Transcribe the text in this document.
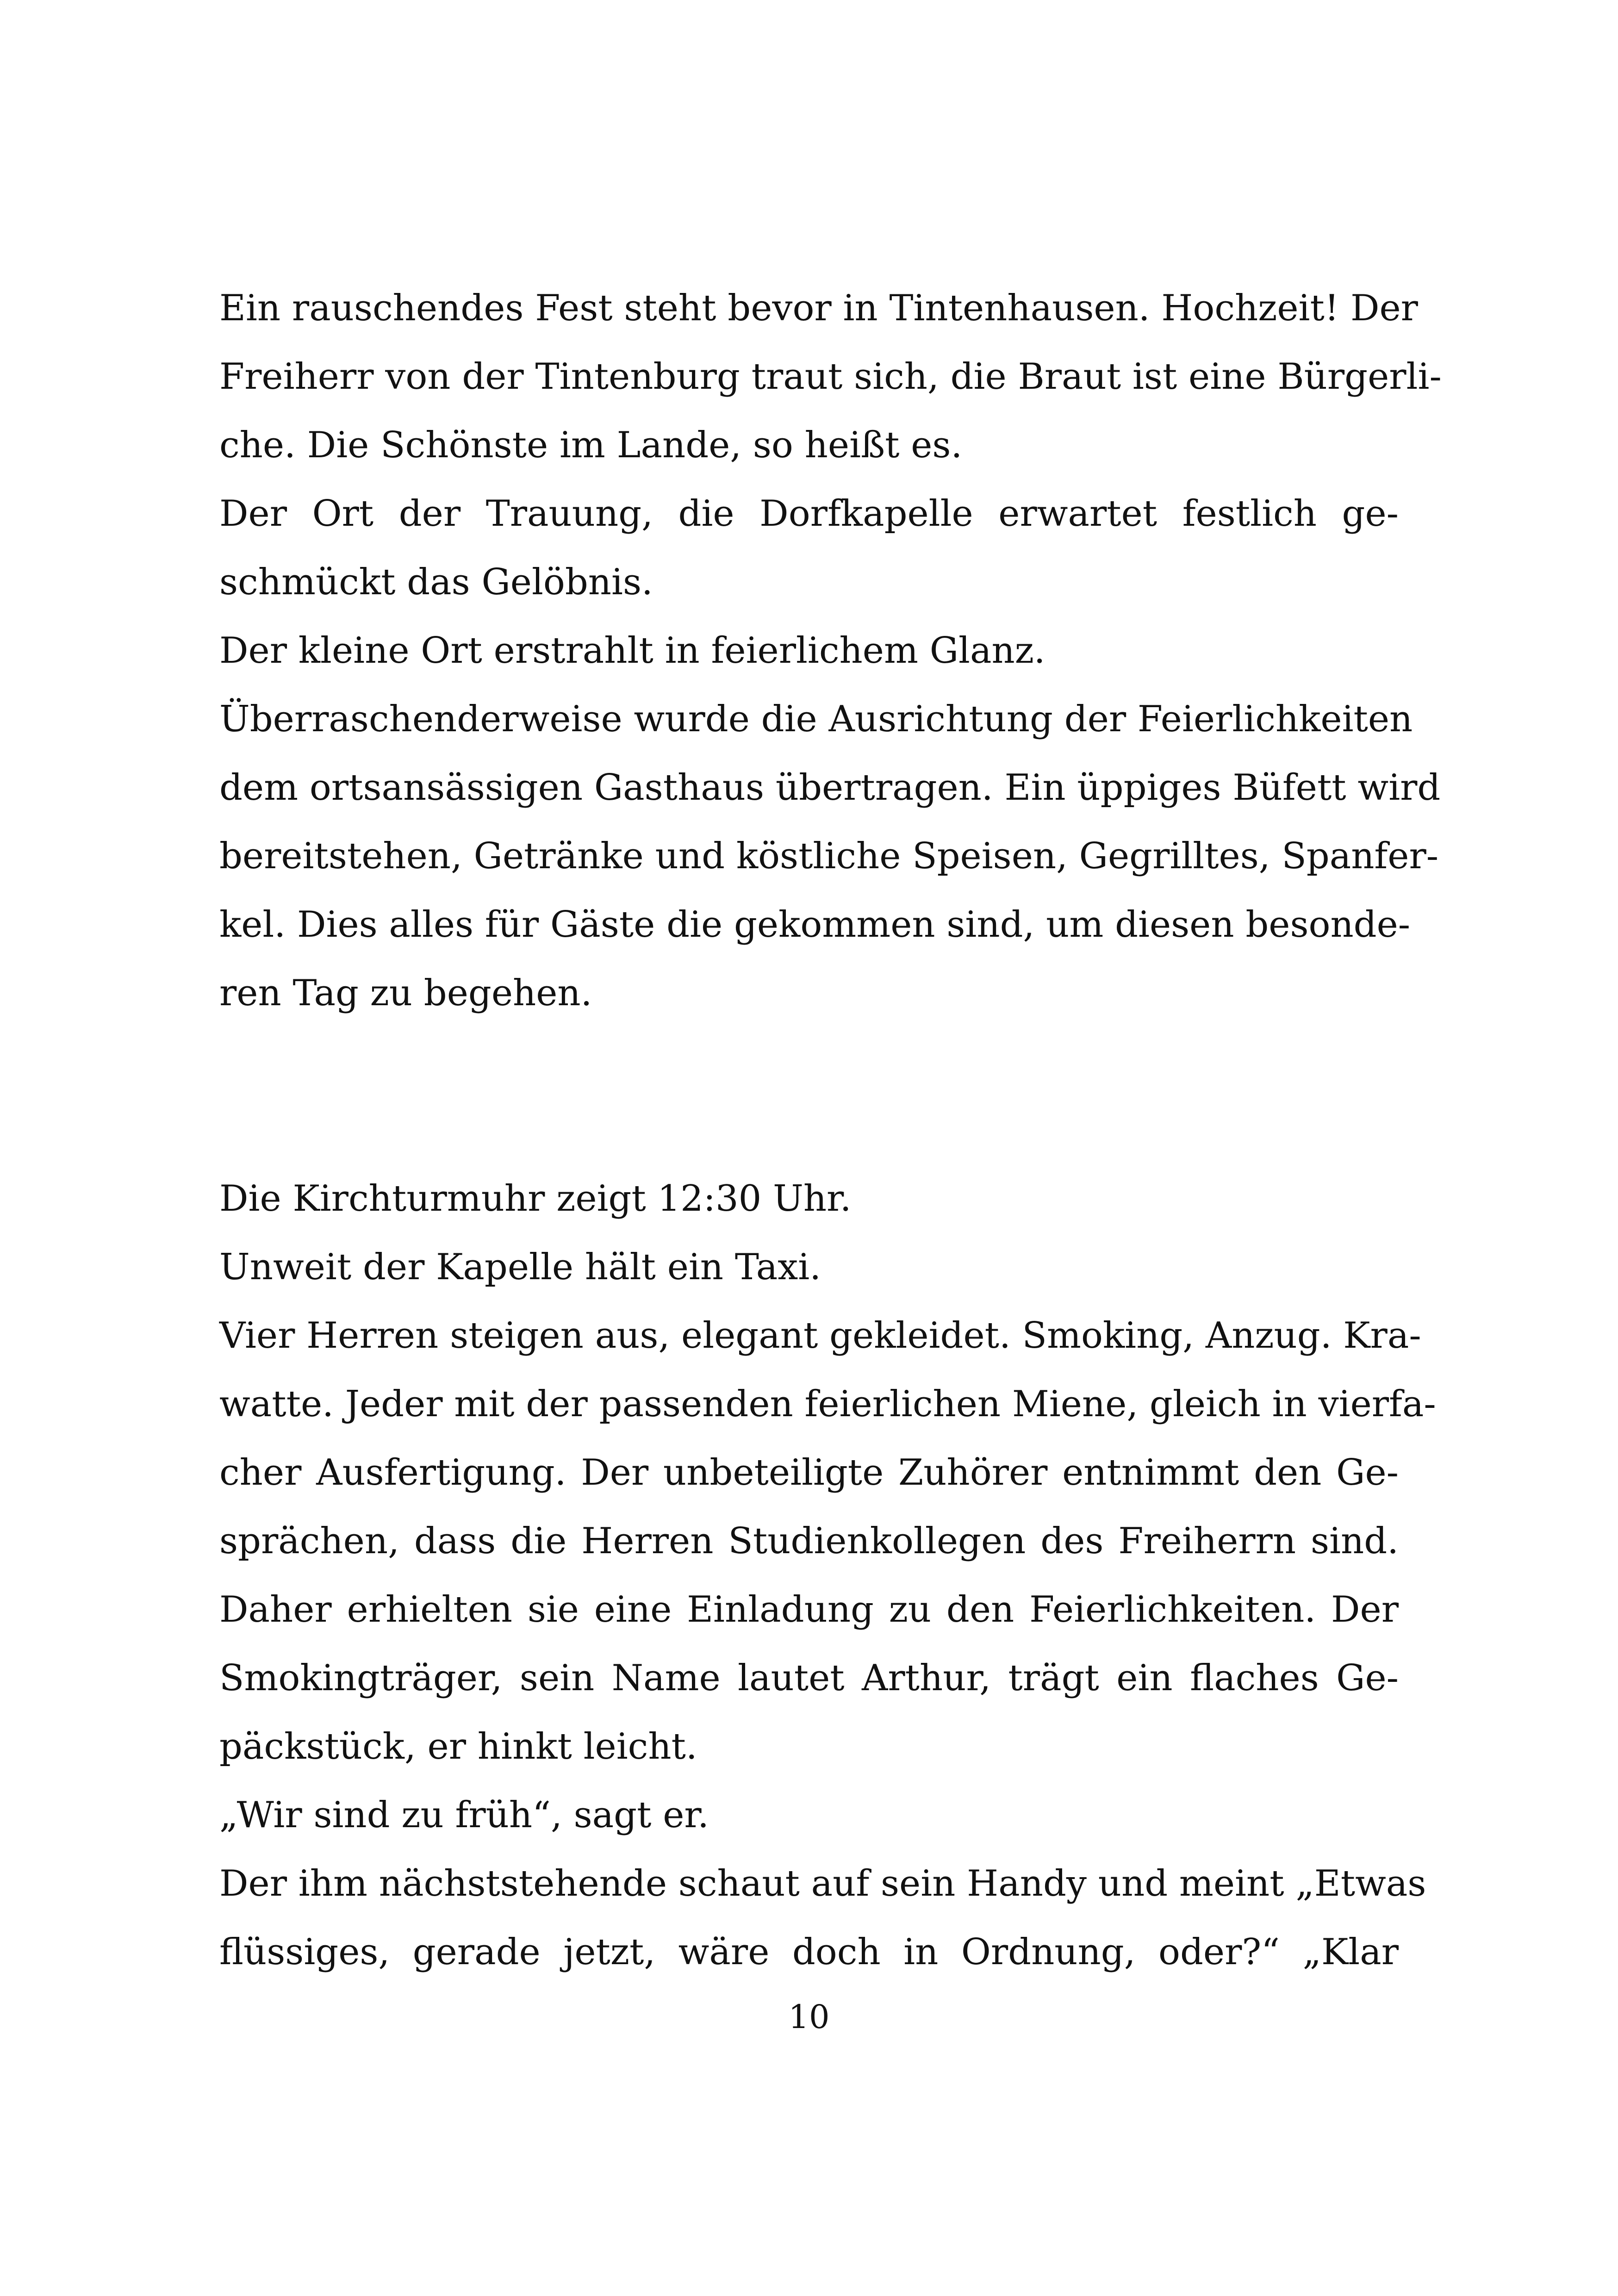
Ein rauschendes Fest steht bevor in Tintenhausen. Hochzeit! Der
Freiherr von der Tintenburg traut sich, die Braut ist eine Bürgerli-
che. Die Schönste im Lande, so heißt es.
Der Ort der Trauung, die Dorfkapelle erwartet festlich ge-
schmückt das Gelöbnis.
Der kleine Ort erstrahlt in feierlichem Glanz.
Überraschenderweise wurde die Ausrichtung der Feierlichkeiten
dem ortsansässigen Gasthaus übertragen. Ein üppiges Büfett wird
bereitstehen, Getränke und köstliche Speisen, Gegrilltes, Spanfer-
kel. Dies alles für Gäste die gekommen sind, um diesen besonde-
ren Tag zu begehen.
Die Kirchturmuhr zeigt 12:30 Uhr.
Unweit der Kapelle hält ein Taxi.
Vier Herren steigen aus, elegant gekleidet. Smoking, Anzug. Kra-
watte. Jeder mit der passenden feierlichen Miene, gleich in vierfa-
cher Ausfertigung. Der unbeteiligte Zuhörer entnimmt den Ge-
sprächen, dass die Herren Studienkollegen des Freiherrn sind.
Daher erhielten sie eine Einladung zu den Feierlichkeiten. Der
Smokingträger, sein Name lautet Arthur, trägt ein flaches Ge-
päckstück, er hinkt leicht.
„Wir sind zu früh“, sagt er.
Der ihm nächststehende schaut auf sein Handy und meint „Etwas
flüssiges, gerade jetzt, wäre doch in Ordnung, oder?“ „Klar
10
